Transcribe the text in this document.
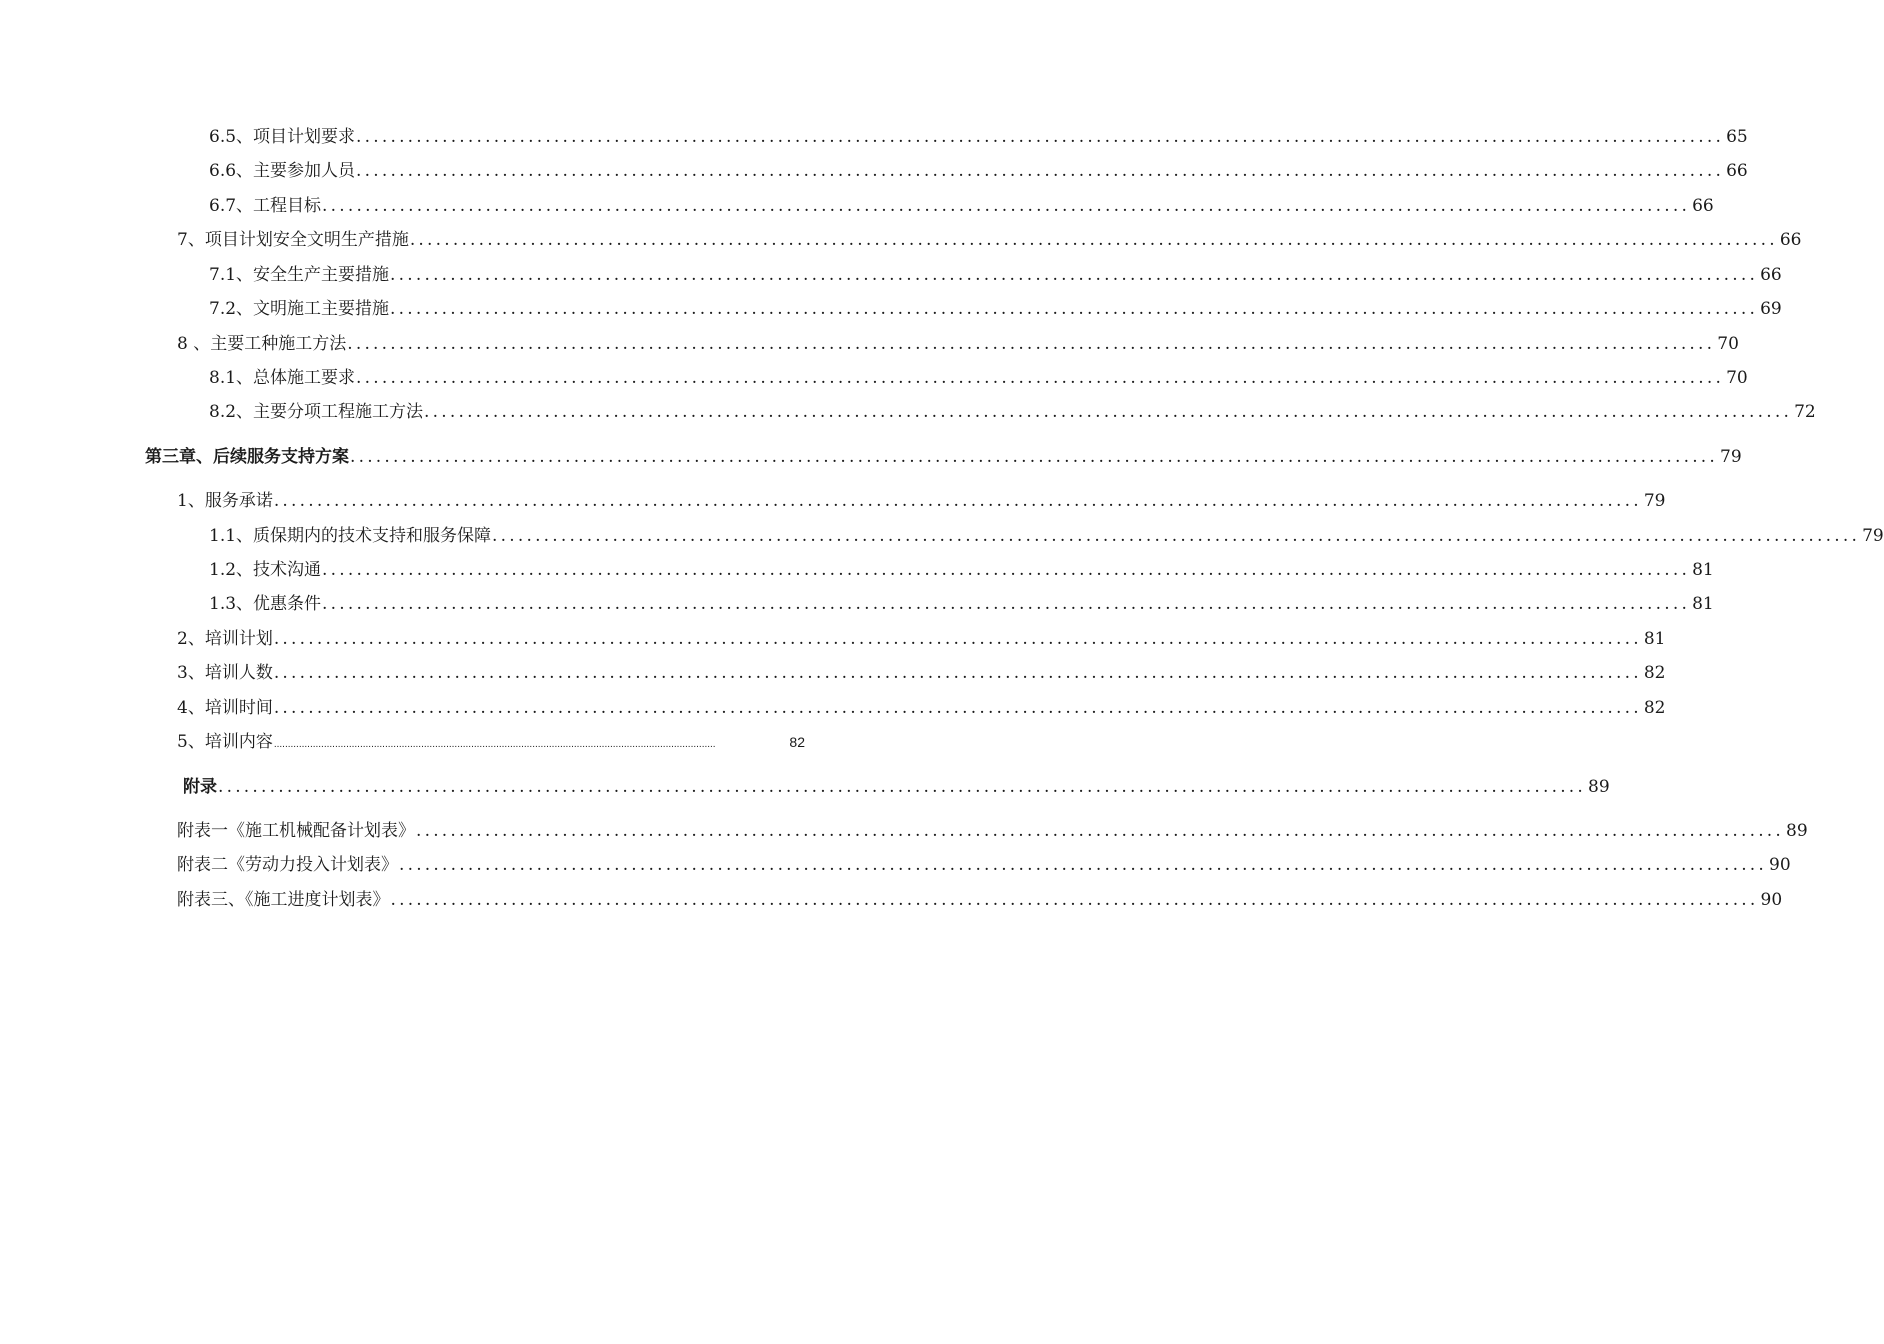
6.5、项目计划要求 ............................................................................................................................................................... 65
6.6、主要参加人员 ............................................................................................................................................................... 66
6.7、工程目标 ............................................................................................................................................................... 66
7、项目计划安全文明生产措施 ............................................................................................................................................................... 66
7.1、安全生产主要措施 ............................................................................................................................................................... 66
7.2、文明施工主要措施 ............................................................................................................................................................... 69
8 、主要工种施工方法 ............................................................................................................................................................... 70
8.1、总体施工要求 ............................................................................................................................................................... 70
8.2、主要分项工程施工方法 ............................................................................................................................................................... 72
第三章、后续服务支持方案 ............................................................................................................................................................... 79
1、服务承诺 ............................................................................................................................................................... 79
1.1、质保期内的技术支持和服务保障 ............................................................................................................................................................... 79
1.2、技术沟通 ............................................................................................................................................................... 81
1.3、优惠条件 ............................................................................................................................................................... 81
2、培训计划 ............................................................................................................................................................... 81
3、培训人数 ............................................................................................................................................................... 82
4、培训时间 ............................................................................................................................................................... 82
5、培训内容 ...............................................................................................................................................................	82
附录 ............................................................................................................................................................... 89
附表一《施工机械配备计划表》 ............................................................................................................................................................... 89
附表二《劳动力投入计划表》 ............................................................................................................................................................... 90
附表三、《施工进度计划表》 ............................................................................................................................................................... 90
